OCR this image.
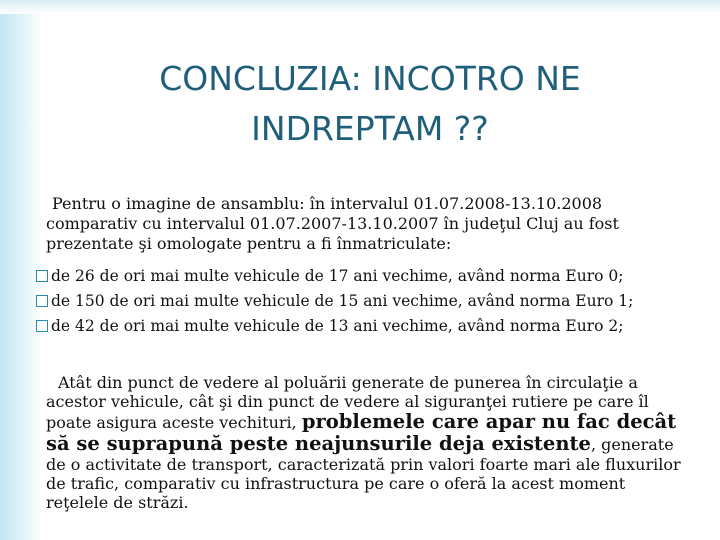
CONCLUZIA: INCOTRO NE
INDREPTAM ??

Pentru o imagine de ansamblu: în intervalul 01.07.2008-13.10.2008 comparativ cu intervalul 01.07.2007-13.10.2007 în judeţul Cluj au fost prezentate şi omologate pentru a fi înmatriculate:

de 26 de ori mai multe vehicule de 17 ani vechime, având norma Euro 0;
de 150 de ori mai multe vehicule de 15 ani vechime, având norma Euro 1;
de 42 de ori mai multe vehicule de 13 ani vechime, având norma Euro 2;

Atât din punct de vedere al poluării generate de punerea în circulaţie a acestor vehicule, cât şi din punct de vedere al siguranţei rutiere pe care îl poate asigura aceste vechituri, problemele care apar nu fac decât să se suprapună peste neajunsurile deja existente, generate de o activitate de transport, caracterizată prin valori foarte mari ale fluxurilor de trafic, comparativ cu infrastructura pe care o oferă la acest moment reţelele de străzi.
